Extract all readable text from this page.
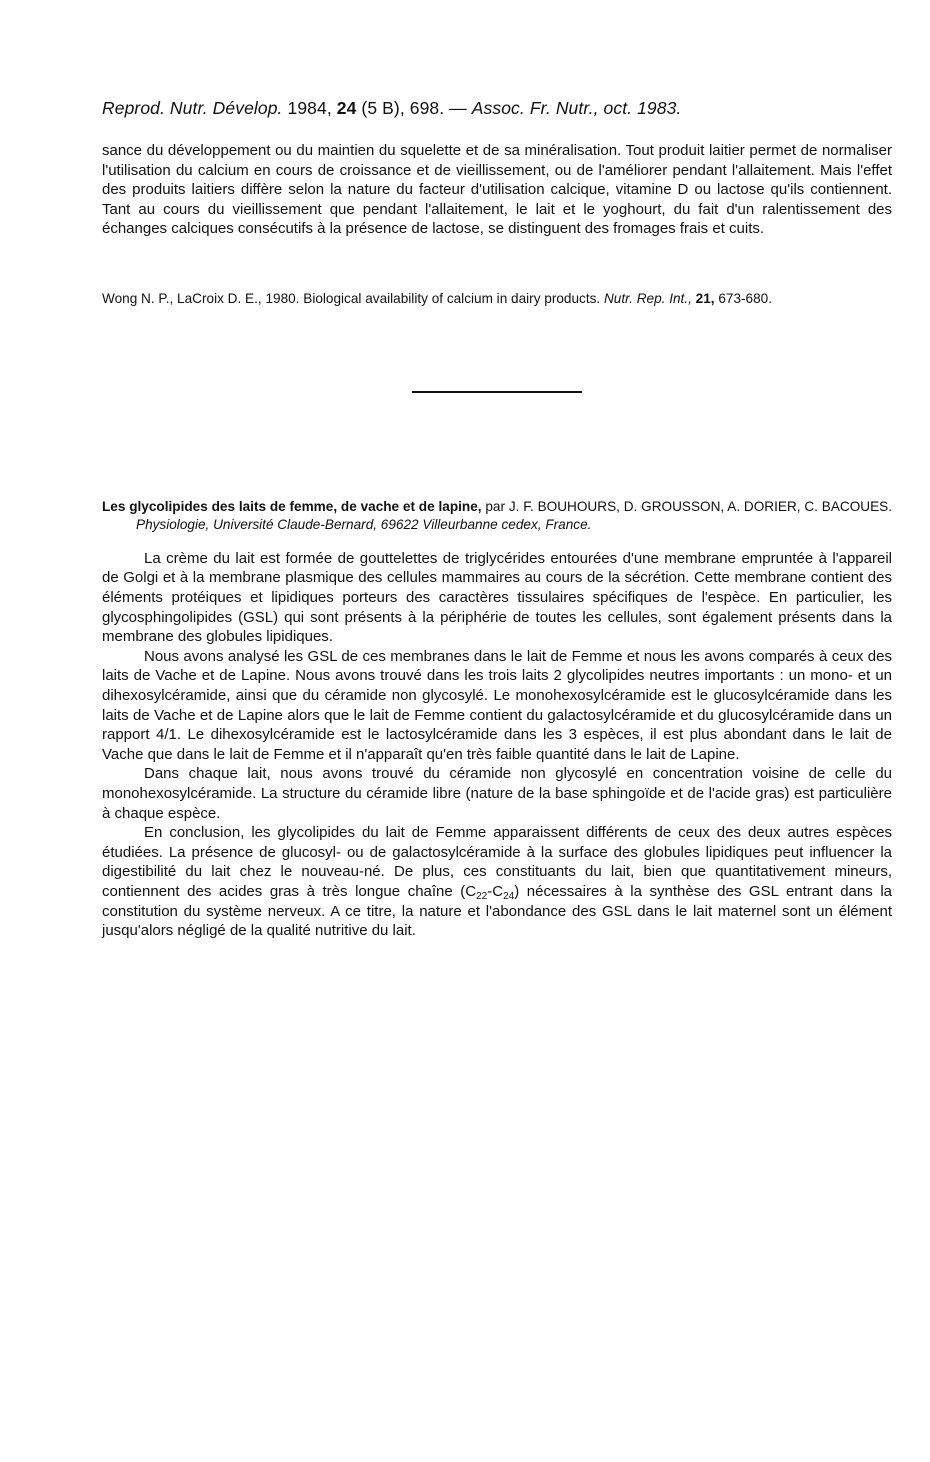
Reprod. Nutr. Dévelop. 1984, 24 (5 B), 698. — Assoc. Fr. Nutr., oct. 1983.

sance du développement ou du maintien du squelette et de sa minéralisation. Tout produit laitier permet de normaliser l'utilisation du calcium en cours de croissance et de vieillissement, ou de l'améliorer pendant l'allaitement. Mais l'effet des produits laitiers diffère selon la nature du facteur d'utilisation calcique, vitamine D ou lactose qu'ils contiennent. Tant au cours du vieillissement que pendant l'allaitement, le lait et le yoghourt, du fait d'un ralentissement des échanges calciques consécutifs à la présence de lactose, se distinguent des fromages frais et cuits.

Wong N. P., LaCroix D. E., 1980. Biological availability of calcium in dairy products. Nutr. Rep. Int., 21, 673-680.
Les glycolipides des laits de femme, de vache et de lapine, par J. F. BOUHOURS, D. GROUSSON, A. DORIER, C. BACOUES. Physiologie, Université Claude-Bernard, 69622 Villeurbanne cedex, France.

La crème du lait est formée de gouttelettes de triglycérides entourées d'une membrane empruntée à l'appareil de Golgi et à la membrane plasmique des cellules mammaires au cours de la sécrétion. Cette membrane contient des éléments protéiques et lipidiques porteurs des caractères tissulaires spécifiques de l'espèce. En particulier, les glycosphingolipides (GSL) qui sont présents à la périphérie de toutes les cellules, sont également présents dans la membrane des globules lipidiques.

Nous avons analysé les GSL de ces membranes dans le lait de Femme et nous les avons comparés à ceux des laits de Vache et de Lapine. Nous avons trouvé dans les trois laits 2 glycolipides neutres importants : un mono- et un dihexosylcéramide, ainsi que du céramide non glycosylé. Le monohexosylcéramide est le glucosylcéramide dans les laits de Vache et de Lapine alors que le lait de Femme contient du galactosylcéramide et du glucosylcéramide dans un rapport 4/1. Le dihexosylcéramide est le lactosylcéramide dans les 3 espèces, il est plus abondant dans le lait de Vache que dans le lait de Femme et il n'apparaît qu'en très faible quantité dans le lait de Lapine.

Dans chaque lait, nous avons trouvé du céramide non glycosylé en concentration voisine de celle du monohexosylcéramide. La structure du céramide libre (nature de la base sphingoïde et de l'acide gras) est particulière à chaque espèce.

En conclusion, les glycolipides du lait de Femme apparaissent différents de ceux des deux autres espèces étudiées. La présence de glucosyl- ou de galactosylcéramide à la surface des globules lipidiques peut influencer la digestibilité du lait chez le nouveau-né. De plus, ces constituants du lait, bien que quantitativement mineurs, contiennent des acides gras à très longue chaîne $(C_{22}-C_{24})$ nécessaires à la synthèse des GSL entrant dans la constitution du système nerveux. A ce titre, la nature et l'abondance des GSL dans le lait maternel sont un élément jusqu'alors négligé de la qualité nutritive du lait.
